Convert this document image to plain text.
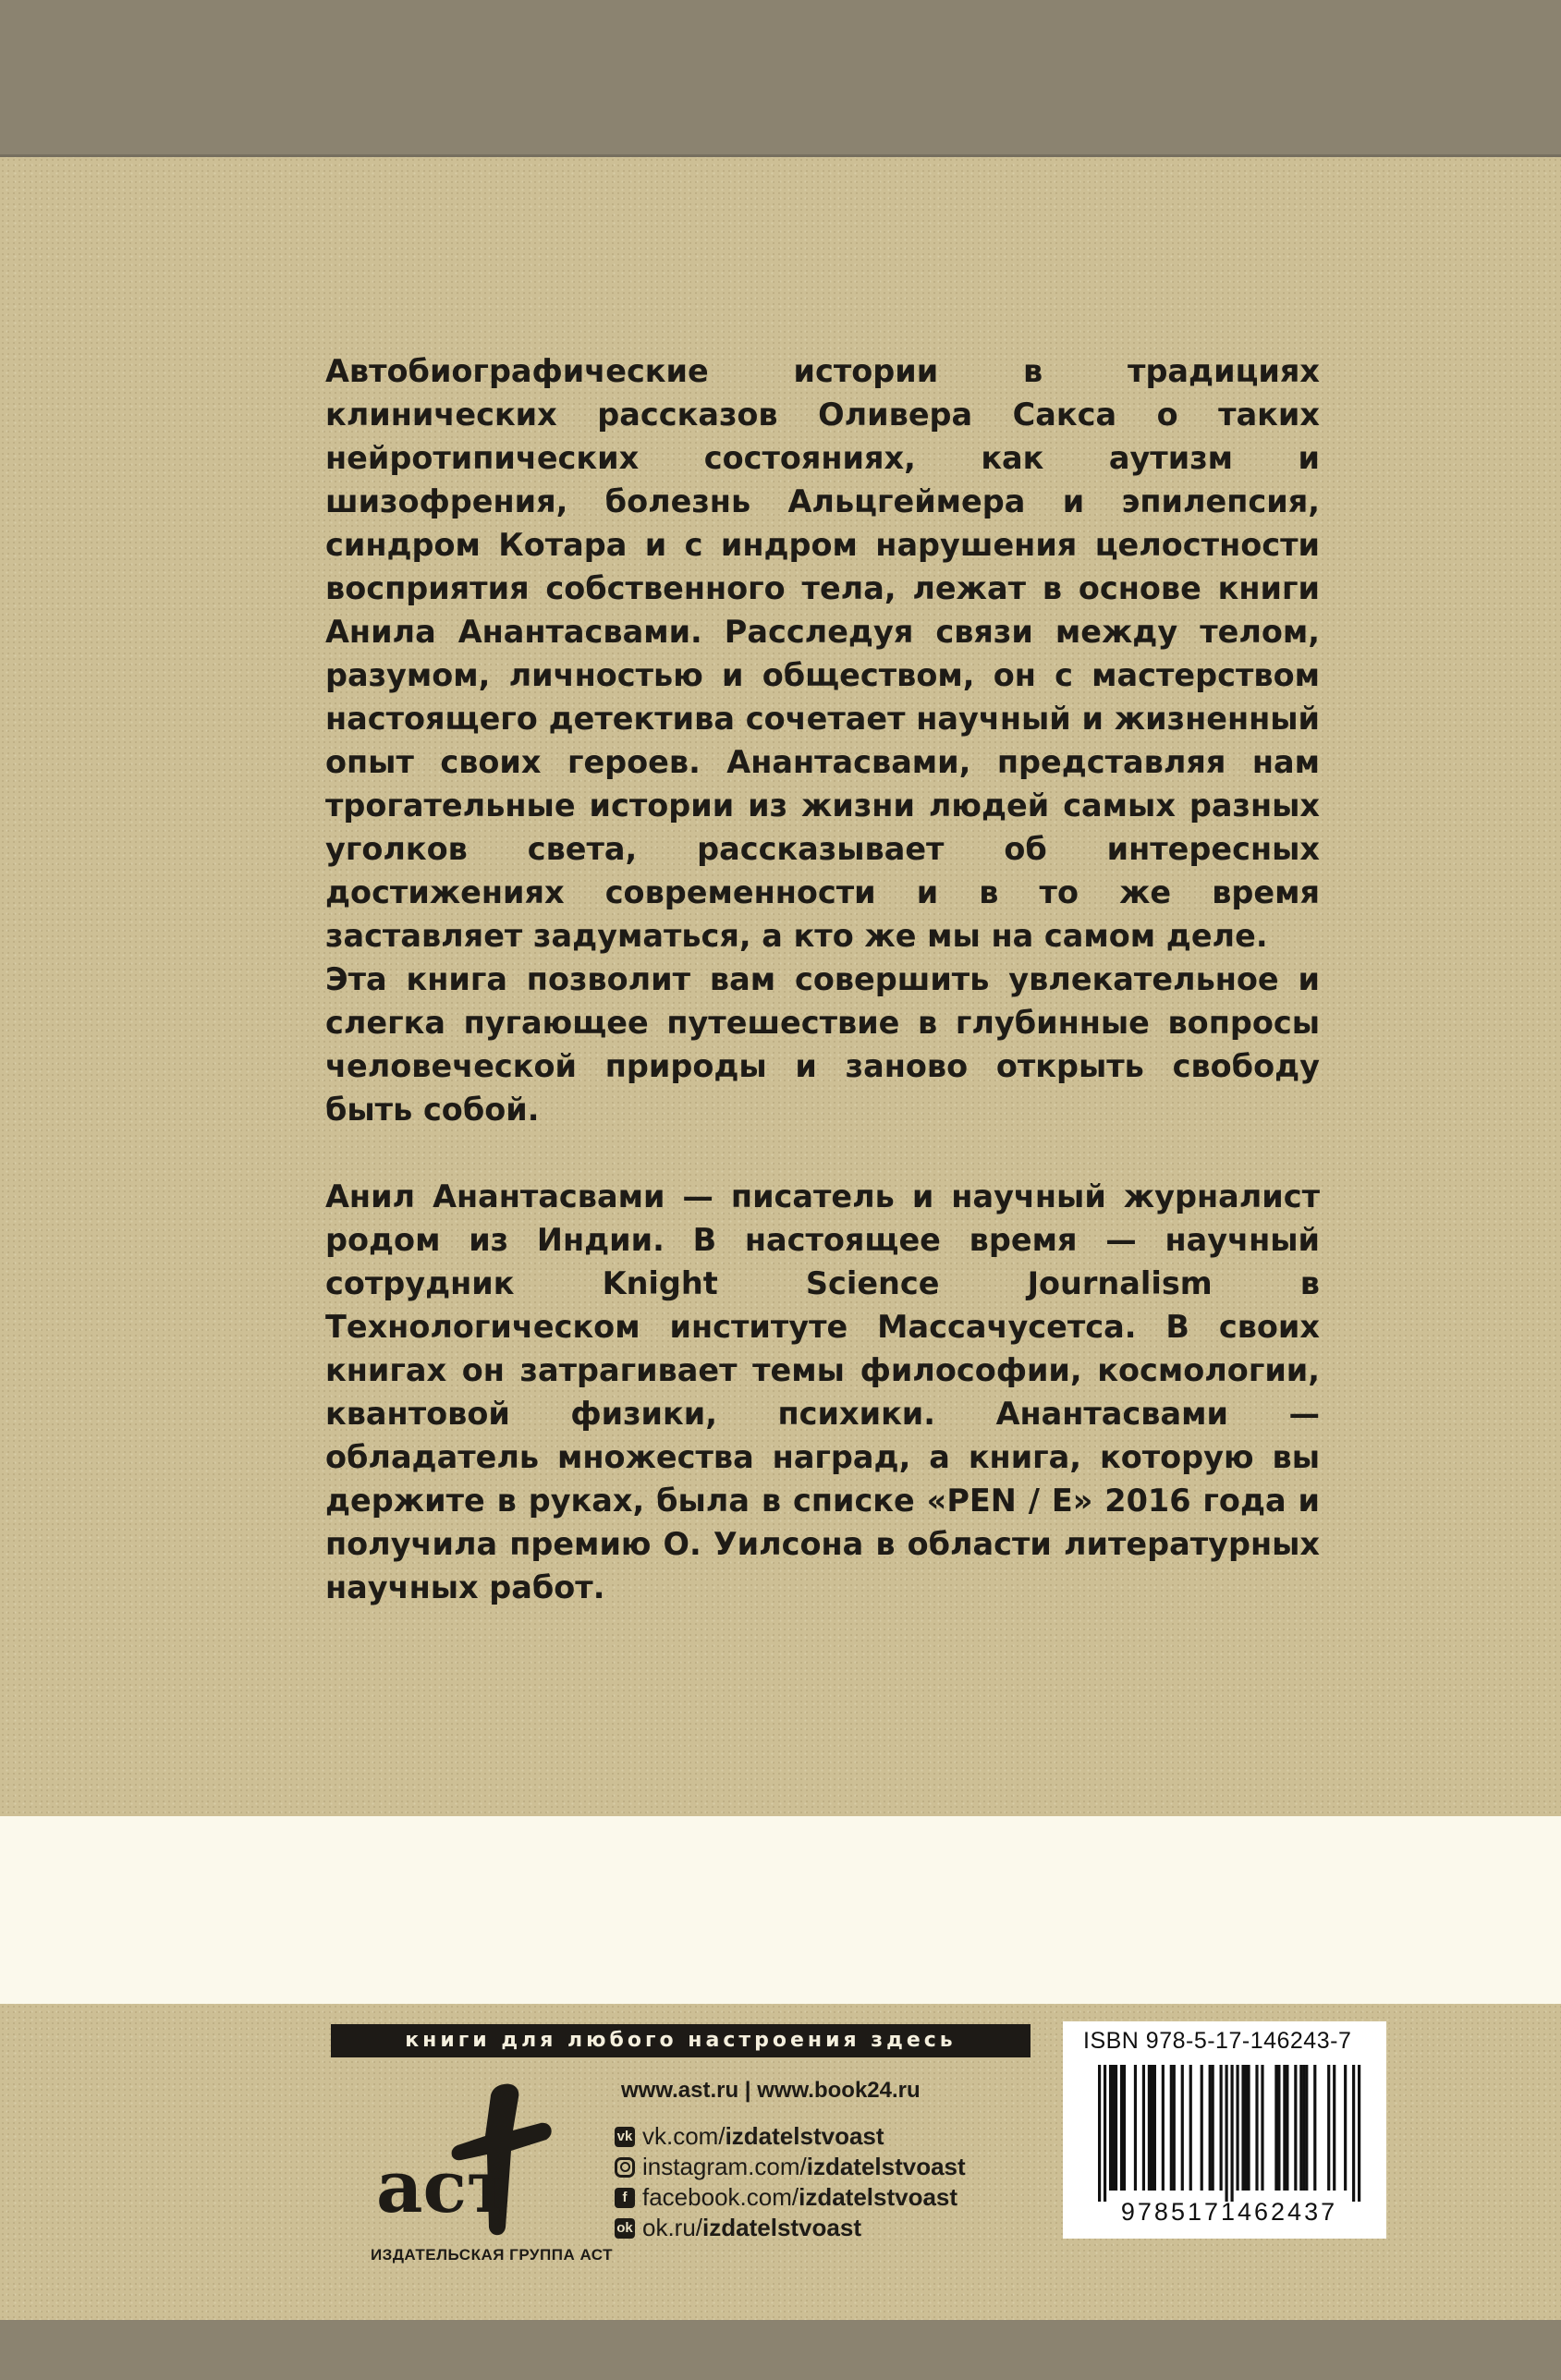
Автобиографические истории в традициях клинических рассказов Оливера Сакса о таких нейротипических состояниях, как аутизм и шизофрения, болезнь Альцгеймера и эпилепсия, синдром Котара и с индром нарушения целостности восприятия собственного тела, лежат в основе книги Анила Анантасвами. Расследуя связи между телом, разумом, личностью и обществом, он с мастерством настоящего детектива сочетает научный и жизненный опыт своих героев. Анантасвами, представляя нам трогательные истории из жизни людей самых разных уголков света, рассказывает об интересных достижениях современности и в то же время заставляет задуматься, а кто же мы на самом деле.

Эта книга позволит вам совершить увлекательное и слегка пугающее путешествие в глубинные вопросы человеческой природы и заново открыть свободу быть собой.

Анил Анантасвами — писатель и научный журналист родом из Индии. В настоящее время — научный сотрудник Knight Science Journalism в Технологическом институте Массачусетса. В своих книгах он затрагивает темы философии, космологии, квантовой физики, психики. Анантасвами — обладатель множества наград, а книга, которую вы держите в руках, была в списке «PEN / E» 2016 года и получила премию О. Уилсона в области литературных научных работ.

книги для любого настроения здесь
аст
ИЗДАТЕЛЬСКАЯ ГРУППА АСТ
www.ast.ru | www.book24.ru
vk vk.com/ izdatelstvoast
instagram.com/ izdatelstvoast
f facebook.com/ izdatelstvoast
ok ok.ru/ izdatelstvoast
ISBN 978-5-17-146243-7
9785171462437
